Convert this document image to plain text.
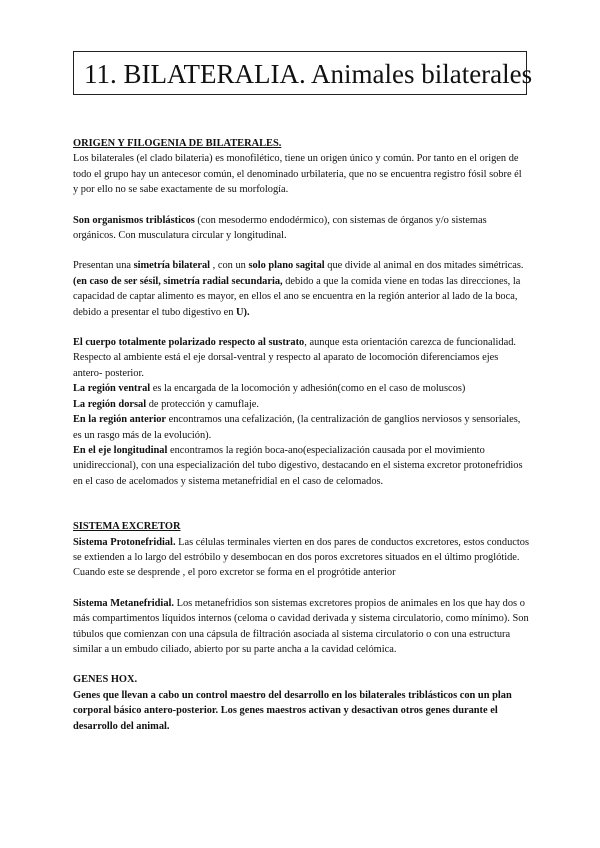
11. BILATERALIA. Animales bilaterales

ORIGEN Y FILOGENIA DE BILATERALES.

Los bilaterales (el clado bilateria) es monofilético, tiene un origen único y común. Por tanto en el origen de todo el grupo hay un antecesor común, el denominado urbilateria, que no se encuentra registro fósil sobre él y por ello no se sabe exactamente de su morfología.

Son organismos triblásticos (con mesodermo endodérmico), con sistemas de órganos y/o sistemas orgánicos. Con musculatura circular y longitudinal.

Presentan una simetría bilateral , con un solo plano sagital que divide al animal en dos mitades simétricas.(en caso de ser sésil, simetría radial secundaria, debido a que la comida viene en todas las direcciones, la capacidad de captar alimento es mayor, en ellos el ano se encuentra en la región anterior al lado de la boca, debido a presentar el tubo digestivo en U).

El cuerpo totalmente polarizado respecto al sustrato, aunque esta orientación carezca de funcionalidad. Respecto al ambiente está el eje dorsal-ventral y respecto al aparato de locomoción diferenciamos ejes antero- posterior.

La región ventral es la encargada de la locomoción y adhesión(como en el caso de moluscos)

La región dorsal de protección y camuflaje.

En la región anterior encontramos una cefalización, (la centralización de ganglios nerviosos y sensoriales, es un rasgo más de la evolución).

En el eje longitudinal encontramos la región boca-ano(especialización causada por el movimiento unidireccional), con una especialización del tubo digestivo, destacando en el sistema excretor protonefridios en el caso de acelomados y sistema metanefridial en el caso de celomados.

SISTEMA EXCRETOR

Sistema Protonefridial. Las células terminales vierten en dos pares de conductos excretores, estos conductos se extienden a lo largo del estróbilo y desembocan en dos poros excretores situados en el último proglótide. Cuando este se desprende , el poro excretor se forma en el progrótide anterior

Sistema Metanefridial. Los metanefridios son sistemas excretores propios de animales en los que hay dos o más compartimentos líquidos internos (celoma o cavidad derivada y sistema circulatorio, como mínimo). Son túbulos que comienzan con una cápsula de filtración asociada al sistema circulatorio o con una estructura similar a un embudo ciliado, abierto por su parte ancha a la cavidad celómica.

GENES HOX.

Genes que llevan a cabo un control maestro del desarrollo en los bilaterales triblásticos con un plan corporal básico antero-posterior. Los genes maestros activan y desactivan otros genes durante el desarrollo del animal.
